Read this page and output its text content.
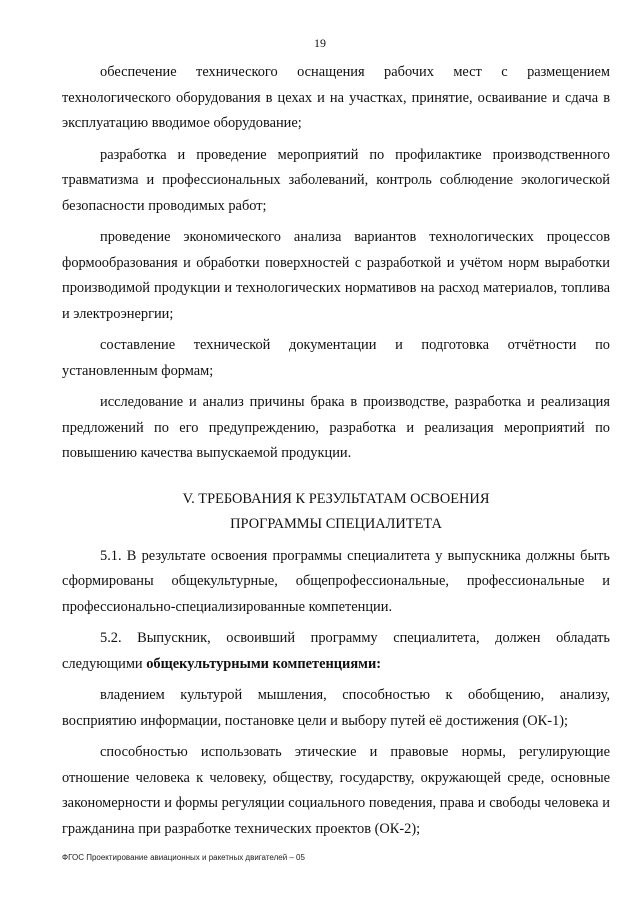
19

обеспечение технического оснащения рабочих мест с размещением технологического оборудования в цехах и на участках, принятие, осваивание и сдача в эксплуатацию вводимое оборудование;

разработка и проведение мероприятий по профилактике производственного травматизма и профессиональных заболеваний, контроль соблюдение экологической безопасности проводимых работ;

проведение экономического анализа вариантов технологических процессов формообразования и обработки поверхностей с разработкой и учётом норм выработки производимой продукции и технологических нормативов на расход материалов, топлива и электроэнергии;

составление технической документации и подготовка отчётности по установленным формам;

исследование и анализ причины брака в производстве, разработка и реализация предложений по его предупреждению, разработка и реализация мероприятий по повышению качества выпускаемой продукции.

V. ТРЕБОВАНИЯ К РЕЗУЛЬТАТАМ ОСВОЕНИЯ
ПРОГРАММЫ СПЕЦИАЛИТЕТА

5.1. В результате освоения программы специалитета у выпускника должны быть сформированы общекультурные, общепрофессиональные, профессиональные и профессионально-специализированные компетенции.

5.2. Выпускник, освоивший программу специалитета, должен обладать следующими общекультурными компетенциями:

владением культурой мышления, способностью к обобщению, анализу, восприятию информации, постановке цели и выбору путей её достижения (ОК-1);

способностью использовать этические и правовые нормы, регулирующие отношение человека к человеку, обществу, государству, окружающей среде, основные закономерности и формы регуляции социального поведения, права и свободы человека и гражданина при разработке технических проектов (ОК-2);

ФГОС Проектирование авиационных и ракетных двигателей – 05
